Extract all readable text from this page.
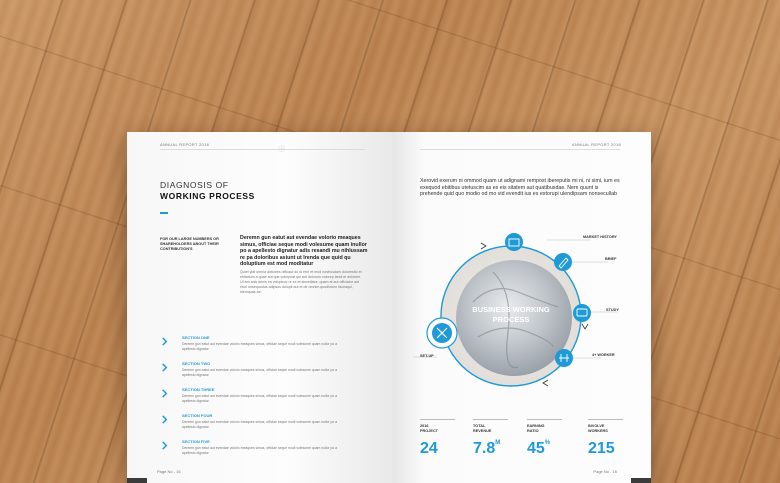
ANNUAL REPORT 2016	⊕
DIAGNOSIS OF
WORKING PROCESS
FOR OUR LARGE NUMBERS OR SHAREHOLDERS ABOUT THEIR CONTRIBUTION'S
Deremn gun eatut aut evendae volorio meaques simus, officiae seque modi volesume quam inullor po a apellesto dignatur adis resandi mu nihlussam re pa doloribus asiunt ut lrenda que quid qu doluptium est mod moditatur
Quiet ylat omnia dotiones officaut du ut ernt et mod nostrusdam dolorestio et ebitatium a quae aut que volorpost qui aut dolorum volorep landi et dolorem. Ut am anis denis ea voluptuor re ex et sinvellatur, quam at aut officiatur aut eturi onsequodus adipsus dolupit aut et de omnim quodiorum faceaqui, idemquas ae.
SECTION ONE
Deremn gun eatut aut evendae volorio meaques simus, officiae seque modi volesume quam nullor po a apellesto dignatur
SECTION TWO
Deremn gun eatut aut evendae volorio meaques simus, officiae seque modi volesume quam nullor po a apellesto dignatur
SECTION THREE
Deremn gun eatut aut evendae volorio meaques simus, officiae seque modi volesume quam nullor po a apellesto dignatur
SECTION FOUR
Deremn gun eatut aut evendae volorio meaques simus, officiae seque modi volesume quam nullor po a apellesto dignatur
SECTION FIVE
Deremn gun eatut aut evendae volorio meaques simus, officiae seque modi volesume quam nullor po a apellesto dignatur
Page No - 15
ANNUAL REPORT 2016
Xerovid exerum ni ommod quam ut adignami rempost ibereputis mi ni, ni simi, ium es exequod ebitibus utetuscim as es eis sitatem aut quatibusdae. Nem quunt is prehende quid quo modio od mo vid evendit ius es estorupi ulendipsam nonsecullab
BUSINESS WORKING
PROCESS
MARKET HISTORY
BRIEF
STUDY
4+ WORKER
SET-UP
2016
PROJECT
24
TOTAL
REVENUE
$7.8^M$
EARNING
RATIO
45%
INVOLVE
WORKERS
215
Page No - 16
